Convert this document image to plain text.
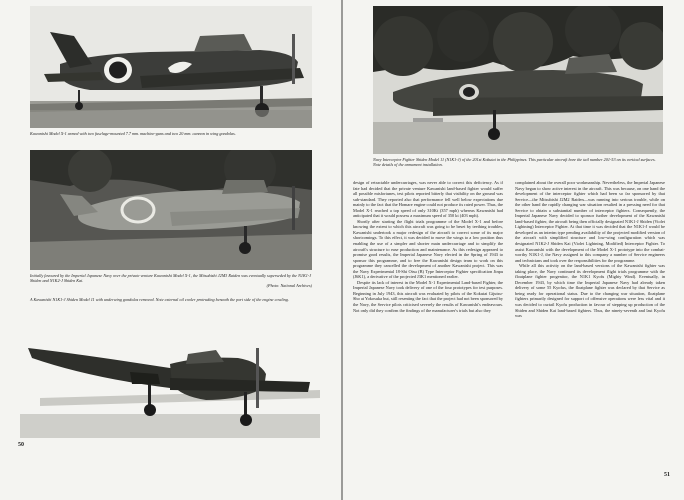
Kawanishi Model X-1 armed with two fuselage-mounted 7.7 mm. machine-guns and two 20 mm. cannon in wing gondolas.

Initially favoured by the Imperial Japanese Navy over the private venture Kawanishi Model X-1, the Mitsubishi J2M3 Raiden was eventually superseded by the N1K1-J Shiden and N1K2-J Shiden Kai.
(Photo: National Archives)

A Kawanishi N1K1-J Shiden Model 11 with underwing gondolas removed. Note external oil cooler protruding beneath the port side of the engine cowling.

50

Navy Interceptor Fighter Shiden Model 11 (N1K1-J) of the 201st Kokutai in the Philippines. This particular aircraft bore the tail number 201-53 on its vertical surfaces. Note details of the armament installation.

design of retractable undercarriages, was never able to correct this deficiency. As if fate had decided that the private venture Kawanishi land-based fighter would suffer all possible misfortunes, test pilots reported bitterly that visibility on the ground was sub-standard. They reported also that performance fell well below expectations due mainly to the fact that the Homare engine could not produce its rated power. Thus, the Model X-1 reached a top speed of only 310Kt (357 mph) whereas Kawanishi had anticipated that it would possess a maximum speed of 350 kt (403 mph).

Shortly after starting the flight trials programme of the Model X-1 and before knowing the extent to which this aircraft was going to be beset by teething troubles, Kawanishi undertook a major redesign of the aircraft to correct some of its major shortcomings. To this effect, it was decided to move the wings to a low position thus enabling the use of a simpler and shorter main undercarriage and to simplify the aircraft's structure to ease production and maintenance. As this redesign appeared to promise good results, the Imperial Japanese Navy elected in the Spring of 1943 to sponsor this programme, and to free the Kawanishi design team to work on this programme they cancelled the development of another Kawanishi project. This was the Navy Experimental 18-Shi Otsu (B) Type Interceptor Fighter specification Jinpu (J6K1), a derivative of the projected J3K1 mentioned earlier.

Despite its lack of interest in the Model X-1 Experimental Land-based Fighter, the Imperial Japanese Navy took delivery of one of the four prototypes for test purposes. Beginning in July 1943, this aircraft was evaluated by pilots of the Kokutai Gijutsu-Sho at Yokosuka but, still resenting the fact that the project had not been sponsored by the Navy, the Service pilots criticised severely the results of Kawanishi's endeavours. Not only did they confirm the findings of the manufacturer's trials but also they

complained about the overall poor workmanship. Nevertheless, the Imperial Japanese Navy began to show active interest in the aircraft. This was because, on one hand the development of the interceptor fighter which had been so far sponsored by that Service—the Mitsubishi J2M2 Raiden—was running into serious trouble, while on the other hand the rapidly changing war situation resulted in a pressing need for that Service to obtain a substantial number of interceptor fighters. Consequently, the Imperial Japanese Navy decided to sponsor further development of the Kawanishi land-based fighter, the aircraft being then officially designated N1K1-J Shiden (Violet Lightning) Interceptor Fighter. At that time it was decided that the N1K1-J would be developed as an interim type pending availability of the projected modified version of the aircraft with simplified structure and low-wing configuration which was designated N1K2-J Shiden Kai (Violet Lightning, Modified) Interceptor Fighter. To assist Kawanishi with the development of the Model X-1 prototype into the combat-worthy N1K1-J, the Navy assigned to this company a number of Service engineers and technicians and took over the responsibilities for the programme.

While all this activity on the land-based versions of the Kawanishi fighter was taking place, the Navy continued its development flight trials programme with the floatplane fighter progenitor, the N1K1 Kyofu (Mighty Wind). Eventually, in December 1943, by which time the Imperial Japanese Navy had already taken delivery of some 55 Kyofus, the floatplane fighter was declared by that Service as being ready for operational status. Due to the changing war situation, floatplane fighters primarily designed for support of offensive operations were less vital and it was decided to curtail Kyofu production in favour of stepping up production of the Shiden and Shiden Kai land-based fighters. Thus, the ninety-seventh and last Kyofu was

51
